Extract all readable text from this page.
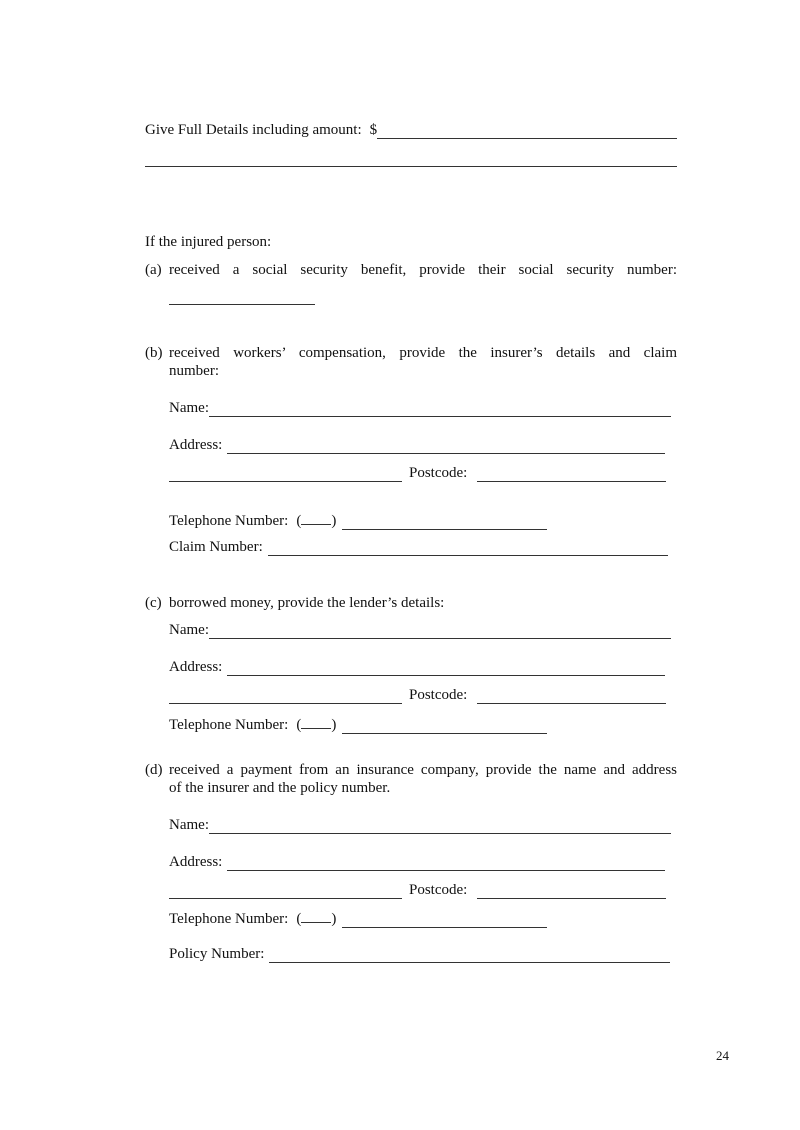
Give Full Details including amount: $
If the injured person:
(a) received a social security benefit, provide their social security number:
(b) received workers’ compensation, provide the insurer’s details and claim
number:
Name:
Address:
Postcode:
Telephone Number: ( )
Claim Number:
(c) borrowed money, provide the lender’s details:
Name:
Address:
Postcode:
Telephone Number: ( )
(d) received a payment from an insurance company, provide the name and address
of the insurer and the policy number.
Name:
Address:
Postcode:
Telephone Number: ( )
Policy Number:
24
